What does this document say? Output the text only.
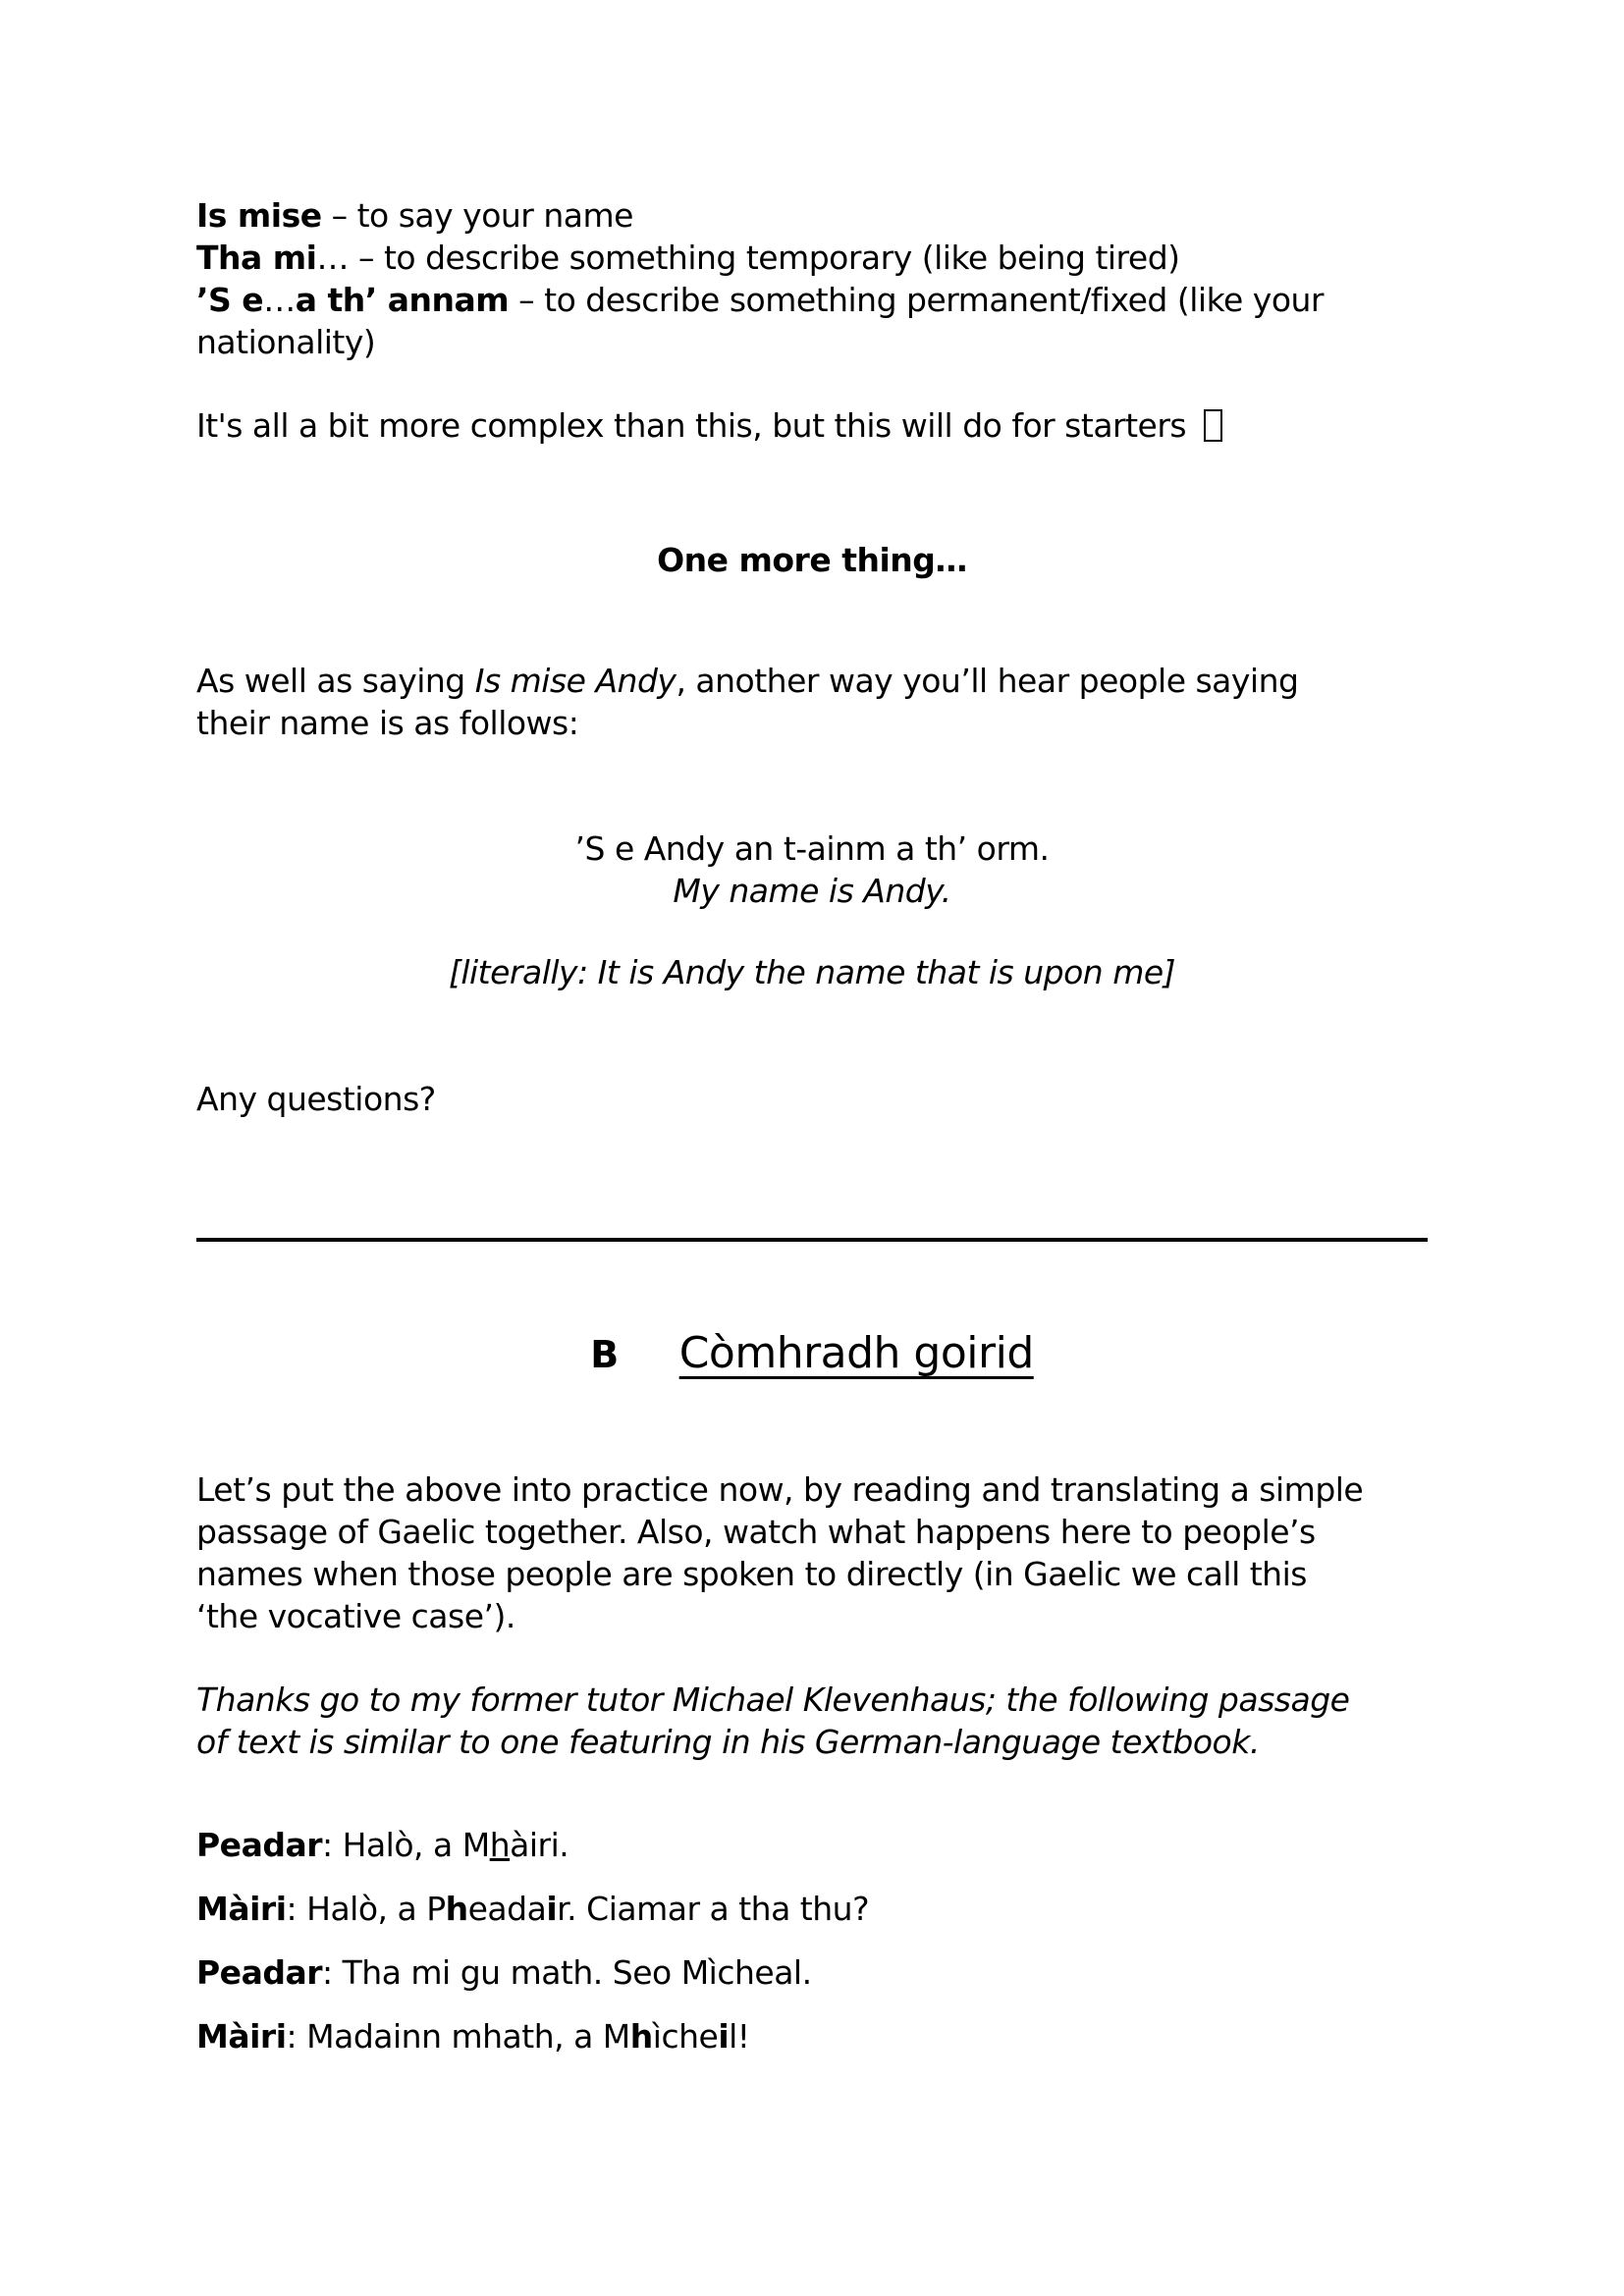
Is mise – to say your name
Tha mi… – to describe something temporary (like being tired)
’S e…a th’ annam – to describe something permanent/fixed (like your
nationality)

It's all a bit more complex than this, but this will do for starters

One more thing…

As well as saying Is mise Andy, another way you’ll hear people saying
their name is as follows:
’S e Andy an t-ainm a th’ orm.
My name is Andy.

[literally: It is Andy the name that is upon me]

Any questions?

B Còmhradh goirid
Let’s put the above into practice now, by reading and translating a simple
passage of Gaelic together. Also, watch what happens here to people’s
names when those people are spoken to directly (in Gaelic we call this
‘the vocative case’).
Thanks go to my former tutor Michael Klevenhaus; the following passage
of text is similar to one featuring in his German-language textbook.

Peadar: Halò, a Mhàiri.

Màiri: Halò, a Pheadair. Ciamar a tha thu?

Peadar: Tha mi gu math. Seo Mìcheal.

Màiri: Madainn mhath, a Mhìcheil!
